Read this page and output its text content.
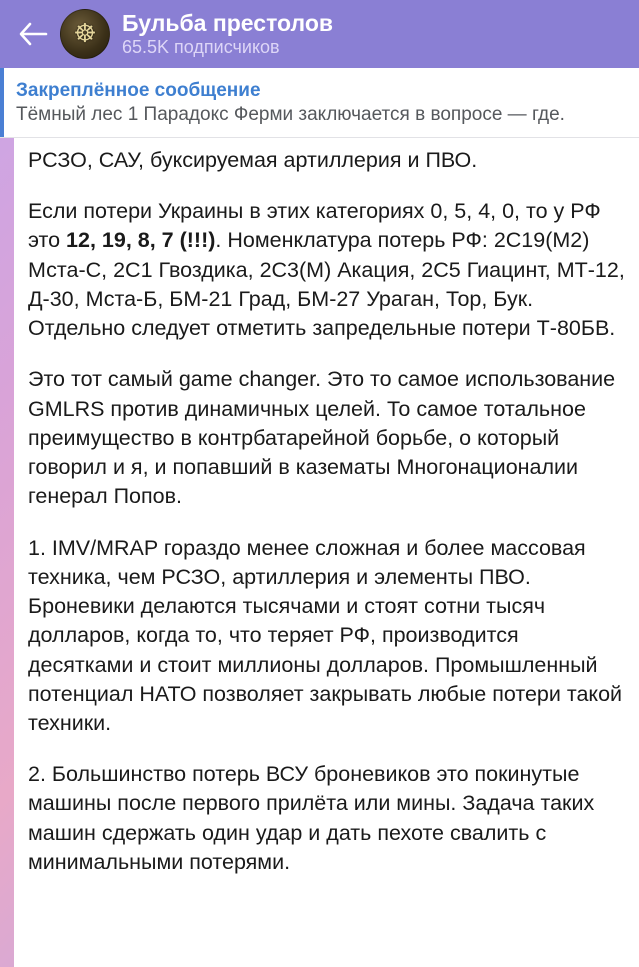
☸	Бульба престолов
65.5K подписчиков
Закреплённое сообщение
Тёмный лес 1 Парадокс Ферми заключается в вопросе — где.

РСЗО, САУ, буксируемая артиллерия и ПВО.

Если потери Украины в этих категориях 0, 5, 4, 0, то у РФ это 12, 19, 8, 7 (!!!). Номенклатура потерь РФ: 2С19(М2) Мста-С, 2С1 Гвоздика, 2С3(М) Акация, 2С5 Гиацинт, МТ-12, Д-30, Мста-Б, БМ-21 Град, БМ-27 Ураган, Тор, Бук. Отдельно следует отметить запредельные потери Т-80БВ.

Это тот самый game changer. Это то самое использование GMLRS против динамичных целей. То самое тотальное преимущество в контрбатарейной борьбе, о который говорил и я, и попавший в казематы Многонационалии генерал Попов.

1. IMV/MRAP гораздо менее сложная и более массовая техника, чем РСЗО, артиллерия и элементы ПВО. Броневики делаются тысячами и стоят сотни тысяч долларов, когда то, что теряет РФ, производится десятками и стоит миллионы долларов. Промышленный потенциал НАТО позволяет закрывать любые потери такой техники.

2. Большинство потерь ВСУ броневиков это покинутые машины после первого прилёта или мины. Задача таких машин сдержать один удар и дать пехоте свалить с минимальными потерями.
